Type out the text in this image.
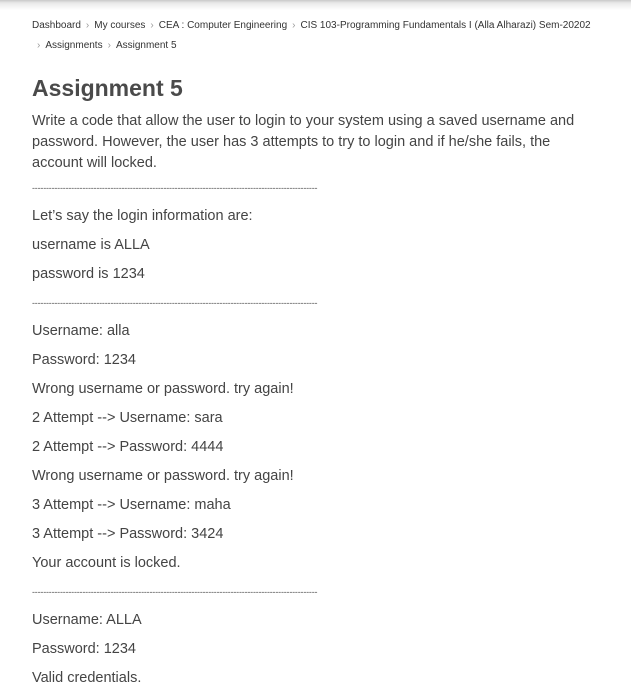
Dashboard › My courses › CEA : Computer Engineering › CIS 103-Programming Fundamentals I (Alla Alharazi) Sem-20202› Assignments › Assignment 5
Assignment 5

Write a code that allow the user to login to your system using a saved username and password. However, the user has 3 attempts to try to login and if he/she fails, the account will locked.

------------------------------------------------------------------------------------------------------

Let’s say the login information are:

username is ALLA

password is 1234

------------------------------------------------------------------------------------------------------

Username: alla

Password: 1234

Wrong username or password. try again!

2 Attempt --> Username: sara

2 Attempt --> Password: 4444

Wrong username or password. try again!

3 Attempt --> Username: maha

3 Attempt --> Password: 3424

Your account is locked.

------------------------------------------------------------------------------------------------------

Username: ALLA

Password: 1234

Valid credentials.
